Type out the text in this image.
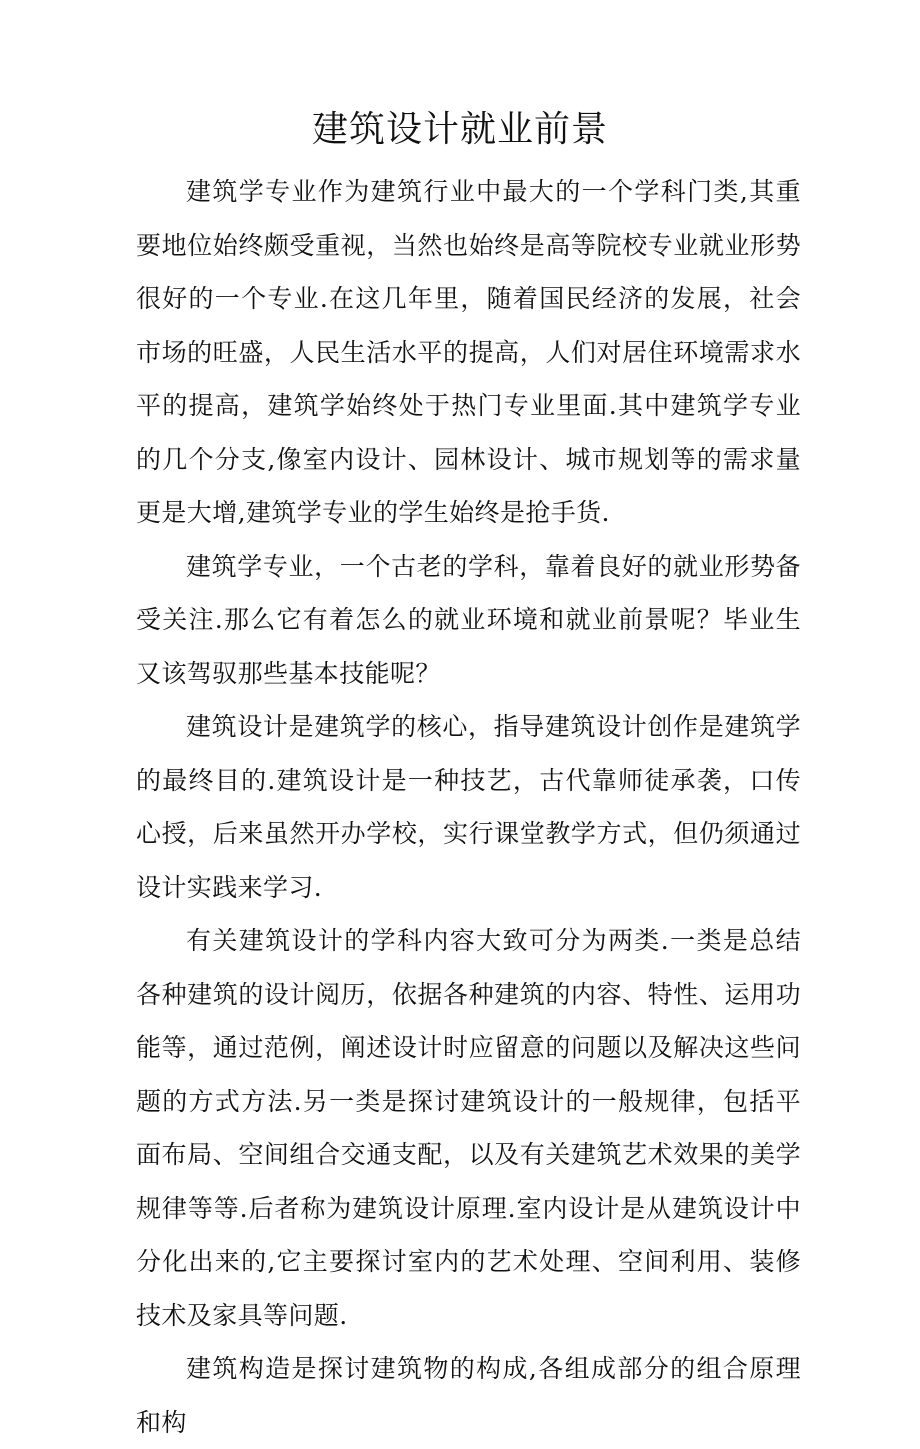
建筑设计就业前景

建筑学专业作为建筑行业中最大的一个学科门类,其重要地位始终颇受重视，当然也始终是高等院校专业就业形势很好的一个专业.在这几年里，随着国民经济的发展，社会市场的旺盛，人民生活水平的提高，人们对居住环境需求水平的提高，建筑学始终处于热门专业里面.其中建筑学专业的几个分支,像室内设计、园林设计、城市规划等的需求量更是大增,建筑学专业的学生始终是抢手货.

建筑学专业，一个古老的学科，靠着良好的就业形势备受关注.那么它有着怎么的就业环境和就业前景呢？毕业生又该驾驭那些基本技能呢？

建筑设计是建筑学的核心，指导建筑设计创作是建筑学的最终目的.建筑设计是一种技艺，古代靠师徒承袭，口传心授，后来虽然开办学校，实行课堂教学方式，但仍须通过设计实践来学习.

有关建筑设计的学科内容大致可分为两类.一类是总结各种建筑的设计阅历，依据各种建筑的内容、特性、运用功能等，通过范例，阐述设计时应留意的问题以及解决这些问题的方式方法.另一类是探讨建筑设计的一般规律，包括平面布局、空间组合交通支配，以及有关建筑艺术效果的美学规律等等.后者称为建筑设计原理.室内设计是从建筑设计中分化出来的,它主要探讨室内的艺术处理、空间利用、装修技术及家具等问题.

建筑构造是探讨建筑物的构成,各组成部分的组合原理和构
